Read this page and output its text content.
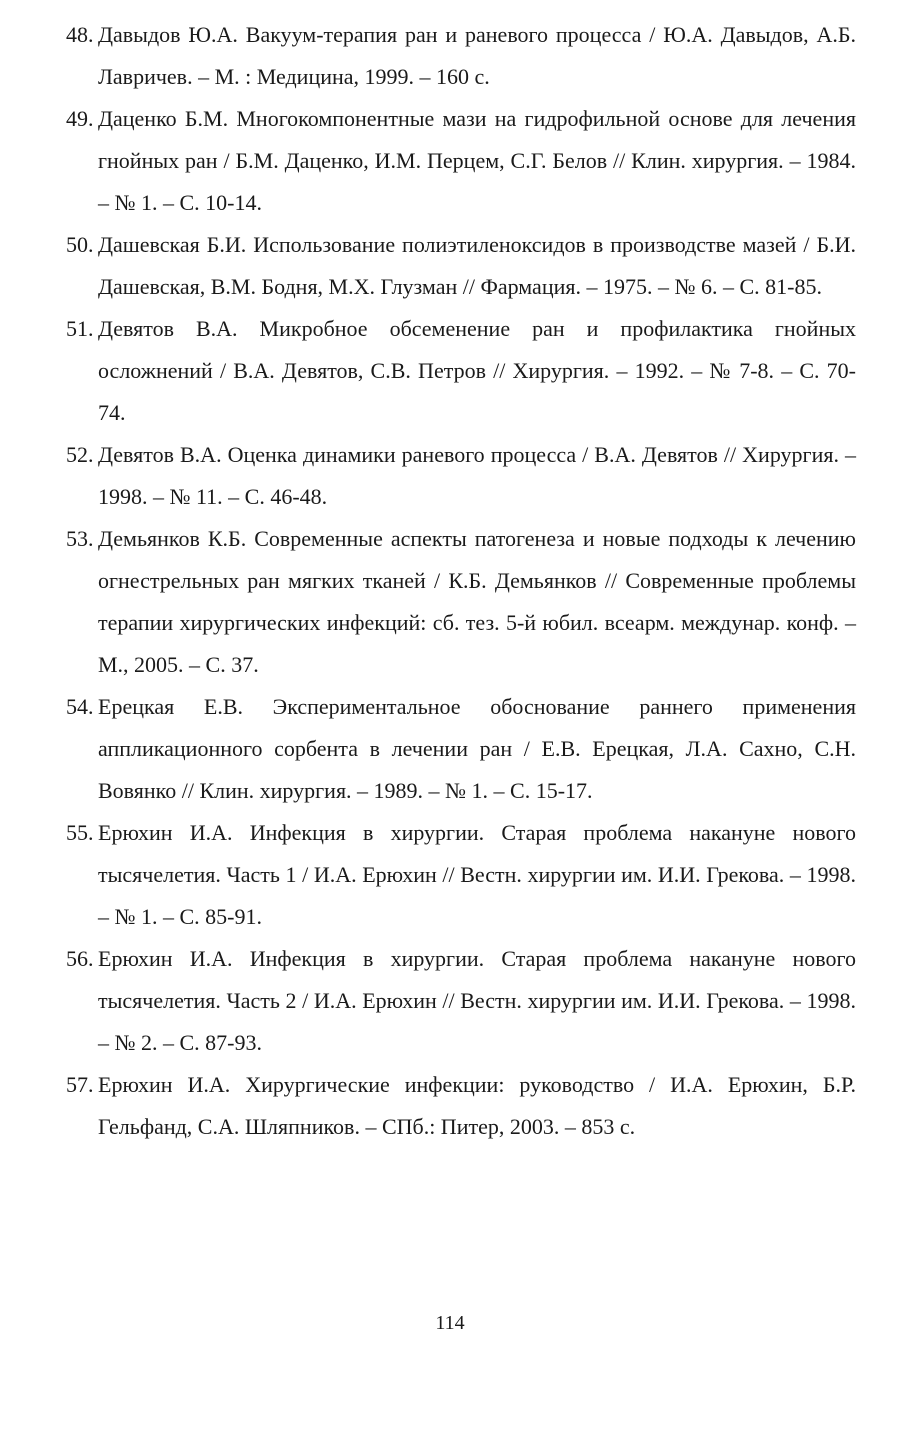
48. Давыдов Ю.А. Вакуум-терапия ран и раневого процесса / Ю.А. Давыдов, А.Б. Лавричев. – М. : Медицина, 1999. – 160 с.
49. Даценко Б.М. Многокомпонентные мази на гидрофильной основе для лечения гнойных ран / Б.М. Даценко, И.М. Перцем, С.Г. Белов // Клин. хирургия. – 1984. – № 1. – С. 10-14.
50. Дашевская Б.И. Использование полиэтиленоксидов в производстве мазей / Б.И. Дашевская, В.М. Бодня, М.Х. Глузман // Фармация. – 1975. – № 6. – С. 81-85.
51. Девятов В.А. Микробное обсеменение ран и профилактика гнойных осложнений / В.А. Девятов, С.В. Петров // Хирургия. – 1992. – № 7-8. – С. 70-74.
52. Девятов В.А. Оценка динамики раневого процесса / В.А. Девятов // Хирургия. – 1998. – № 11. – С. 46-48.
53. Демьянков К.Б. Современные аспекты патогенеза и новые подходы к лечению огнестрельных ран мягких тканей / К.Б. Демьянков // Современные проблемы терапии хирургических инфекций: сб. тез. 5-й юбил. всеарм. междунар. конф. – М., 2005. – С. 37.
54. Ерецкая Е.В. Экспериментальное обоснование раннего применения аппликационного сорбента в лечении ран / Е.В. Ерецкая, Л.А. Сахно, С.Н. Вовянко // Клин. хирургия. – 1989. – № 1. – С. 15-17.
55. Ерюхин И.А. Инфекция в хирургии. Старая проблема накануне нового тысячелетия. Часть 1 / И.А. Ерюхин // Вестн. хирургии им. И.И. Грекова. – 1998. – № 1. – С. 85-91.
56. Ерюхин И.А. Инфекция в хирургии. Старая проблема накануне нового тысячелетия. Часть 2 / И.А. Ерюхин // Вестн. хирургии им. И.И. Грекова. – 1998. – № 2. – С. 87-93.
57. Ерюхин И.А. Хирургические инфекции: руководство / И.А. Ерюхин, Б.Р. Гельфанд, С.А. Шляпников. – СПб.: Питер, 2003. – 853 с.
114
